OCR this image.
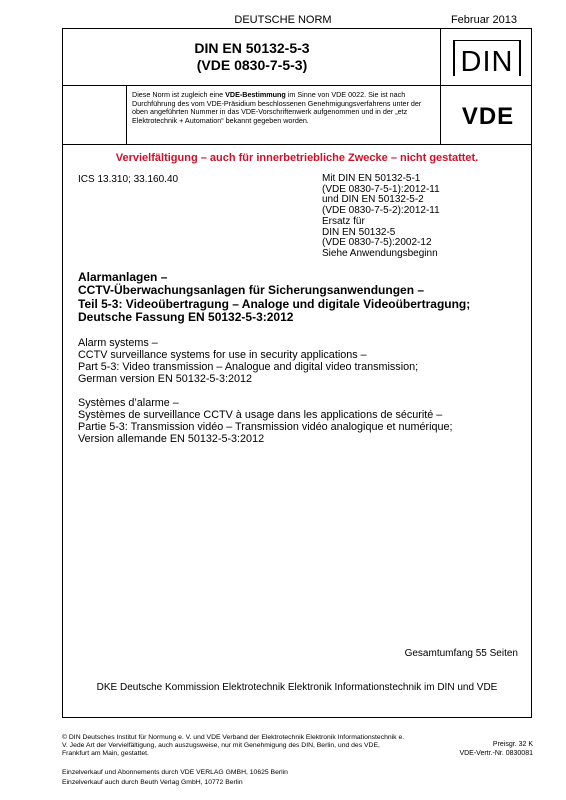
DEUTSCHE NORM	Februar 2013
DIN EN 50132-5-3
(VDE 0830-7-5-3)	DIN
VDE
Diese Norm ist zugleich eine VDE-Bestimmung im Sinne von VDE 0022. Sie ist nach Durchführung des vom VDE-Präsidium beschlossenen Genehmigungsverfahrens unter der oben angeführten Nummer in das VDE-Vorschriftenwerk aufgenommen und in der „etz Elektrotechnik + Automation“ bekannt gegeben worden.
Vervielfältigung – auch für innerbetriebliche Zwecke – nicht gestattet.
ICS 13.310; 33.160.40	Mit DIN EN 50132-5-1
(VDE 0830-7-5-1):2012-11
und DIN EN 50132-5-2
(VDE 0830-7-5-2):2012-11
Ersatz für
DIN EN 50132-5
(VDE 0830-7-5):2002-12
Siehe Anwendungsbeginn
Alarmanlagen –
CCTV-Überwachungsanlagen für Sicherungsanwendungen –
Teil 5-3: Videoübertragung – Analoge und digitale Videoübertragung;
Deutsche Fassung EN 50132-5-3:2012
Alarm systems –
CCTV surveillance systems for use in security applications –
Part 5-3: Video transmission – Analogue and digital video transmission;
German version EN 50132-5-3:2012
Systèmes d’alarme –
Systèmes de surveillance CCTV à usage dans les applications de sécurité –
Partie 5-3: Transmission vidéo – Transmission vidéo analogique et numérique;
Version allemande EN 50132-5-3:2012
Gesamtumfang 55 Seiten
DKE Deutsche Kommission Elektrotechnik Elektronik Informationstechnik im DIN und VDE
© DIN Deutsches Institut für Normung e. V. und VDE Verband der Elektrotechnik Elektronik Informationstechnik e. V. Jede Art der Vervielfältigung, auch auszugsweise, nur mit Genehmigung des DIN, Berlin, und des VDE, Frankfurt am Main, gestattet.
Preisgr. 32 K
VDE-Vertr.-Nr. 0830081
Einzelverkauf und Abonnements durch VDE VERLAG GMBH, 10625 Berlin
Einzelverkauf auch durch Beuth Verlag GmbH, 10772 Berlin
